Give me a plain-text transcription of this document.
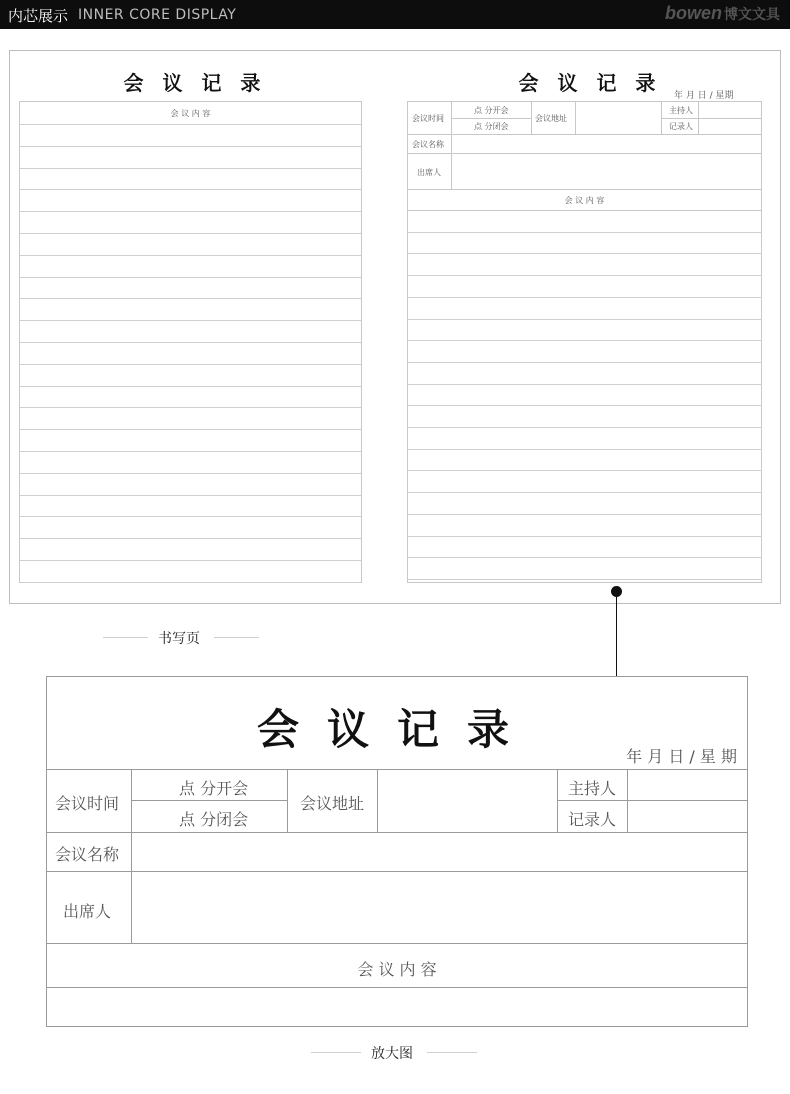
内芯展示 INNER CORE DISPLAY	bowen 博文文具
会 议 记 录
会 议 内 容
会 议 记 录
年 月 日 / 星期
会议时间
点 分开会
点 分闭会
会议地址
主持人
记录人
会议名称
出席人
会 议 内 容
书写页
会议记录
年 月 日 / 星 期
会议时间
点 分开会
点 分闭会
会议地址
主持人
记录人
会议名称
出席人
会 议 内 容
放大图
